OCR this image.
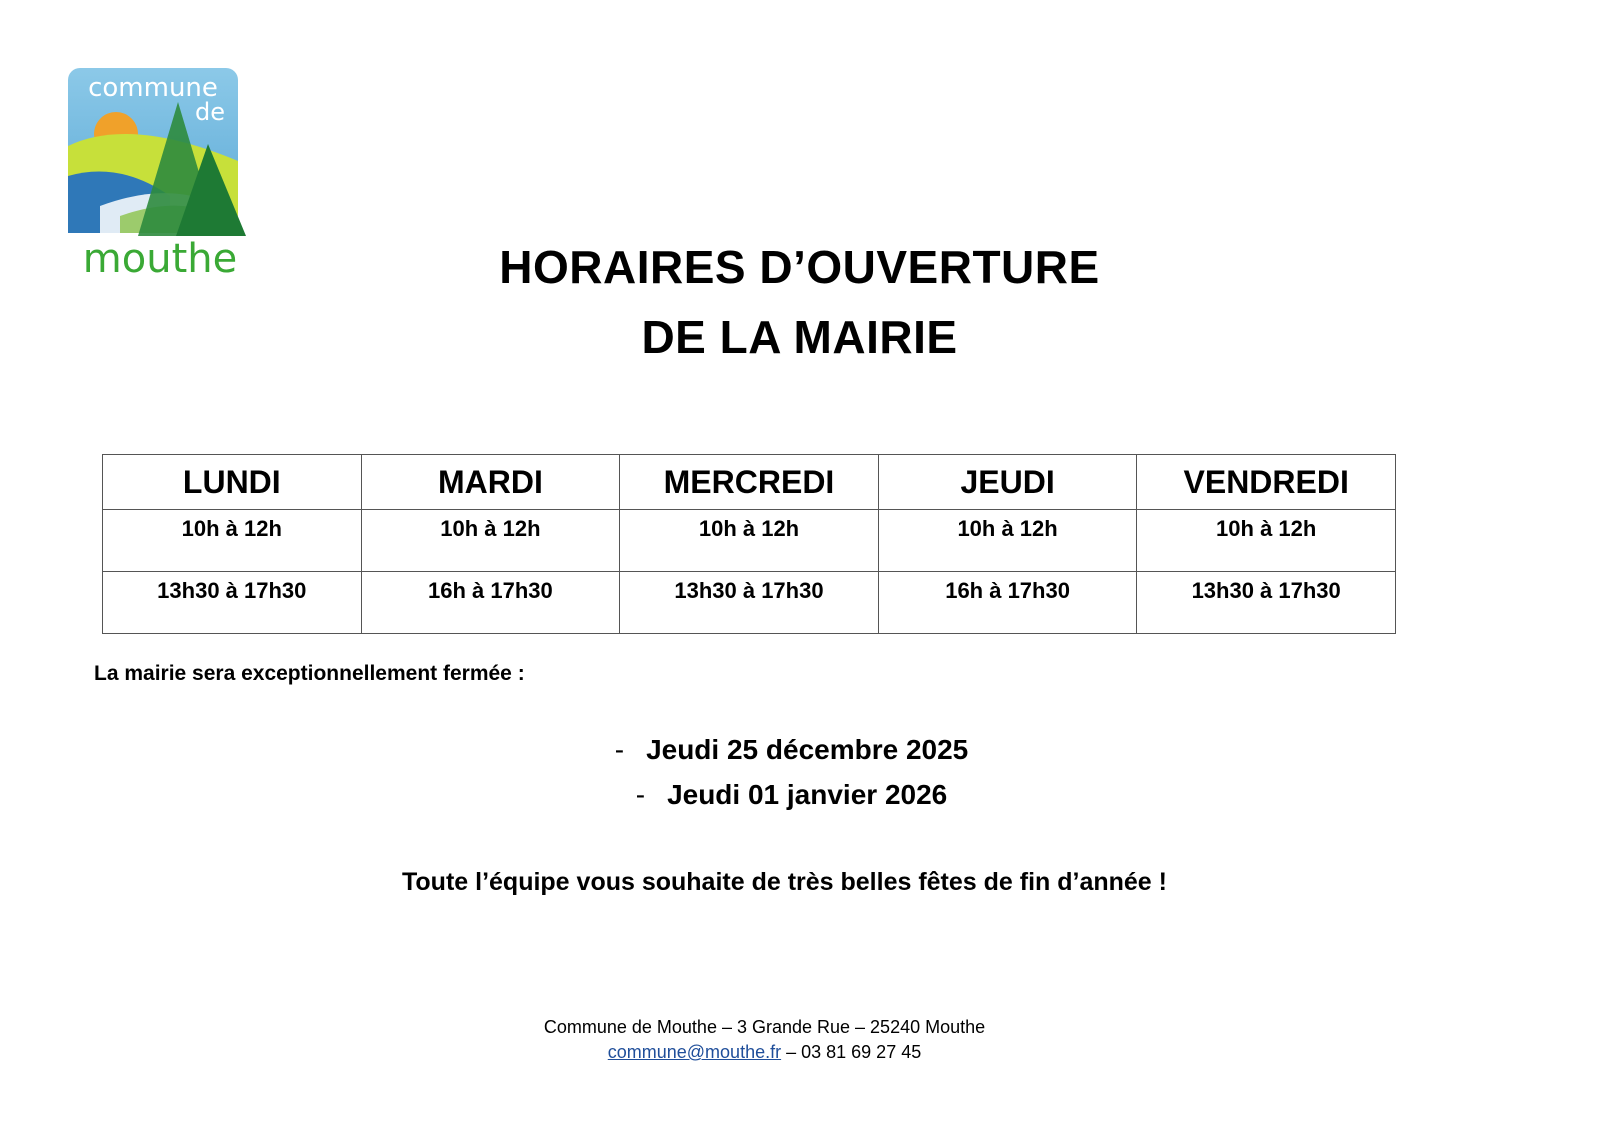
commune
de
mouthe	HORAIRES D’OUVERTURE
DE LA MAIRIE
LUNDI	MARDI	MERCREDI	JEUDI	VENDREDI
10h à 12h	10h à 12h	10h à 12h	10h à 12h	10h à 12h
13h30 à 17h30	16h à 17h30	13h30 à 17h30	16h à 17h30	13h30 à 17h30
La mairie sera exceptionnellement fermée :
- Jeudi 25 décembre 2025
- Jeudi 01 janvier 2026
Toute l’équipe vous souhaite de très belles fêtes de fin d’année !
Commune de Mouthe – 3 Grande Rue – 25240 Mouthe
commune@mouthe.fr – 03 81 69 27 45
